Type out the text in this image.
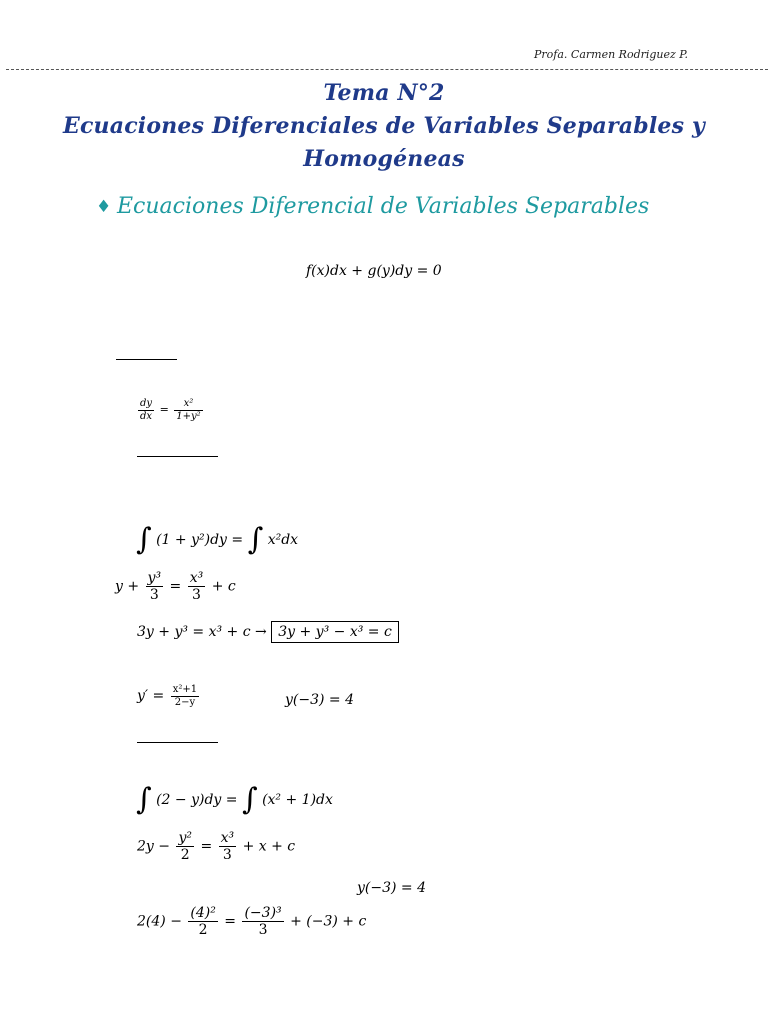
Profa. Carmen Rodriguez P.
Tema N°2
Ecuaciones Diferenciales de Variables Separables y
Homogéneas
♦ Ecuaciones Diferencial de Variables Separables
f(x)dx + g(y)dy = 0
$\frac{dy}{dx} = \frac{\text{x²}}{\text{1+y²}}$
∫ (1 + y²)dy = ∫ x²dx
$y + \frac{\text{y³}}{3} = \frac{\text{x³}}{3} + c$
3y + y³ = x³ + c → 3y + y³ − x³ = c
$y' = \frac{\text{x²+1}}{2-y}$	y(−3) = 4
∫ (2 − y)dy = ∫ (x² + 1)dx
$2y - \frac{\text{y²}}{2} = \frac{\text{x³}}{3} + x + c$
y(−3) = 4
$2(4) - \frac{\text{(4)²}}{2} = \frac{\text{(−3)³}}{3} + (-3) + c$
